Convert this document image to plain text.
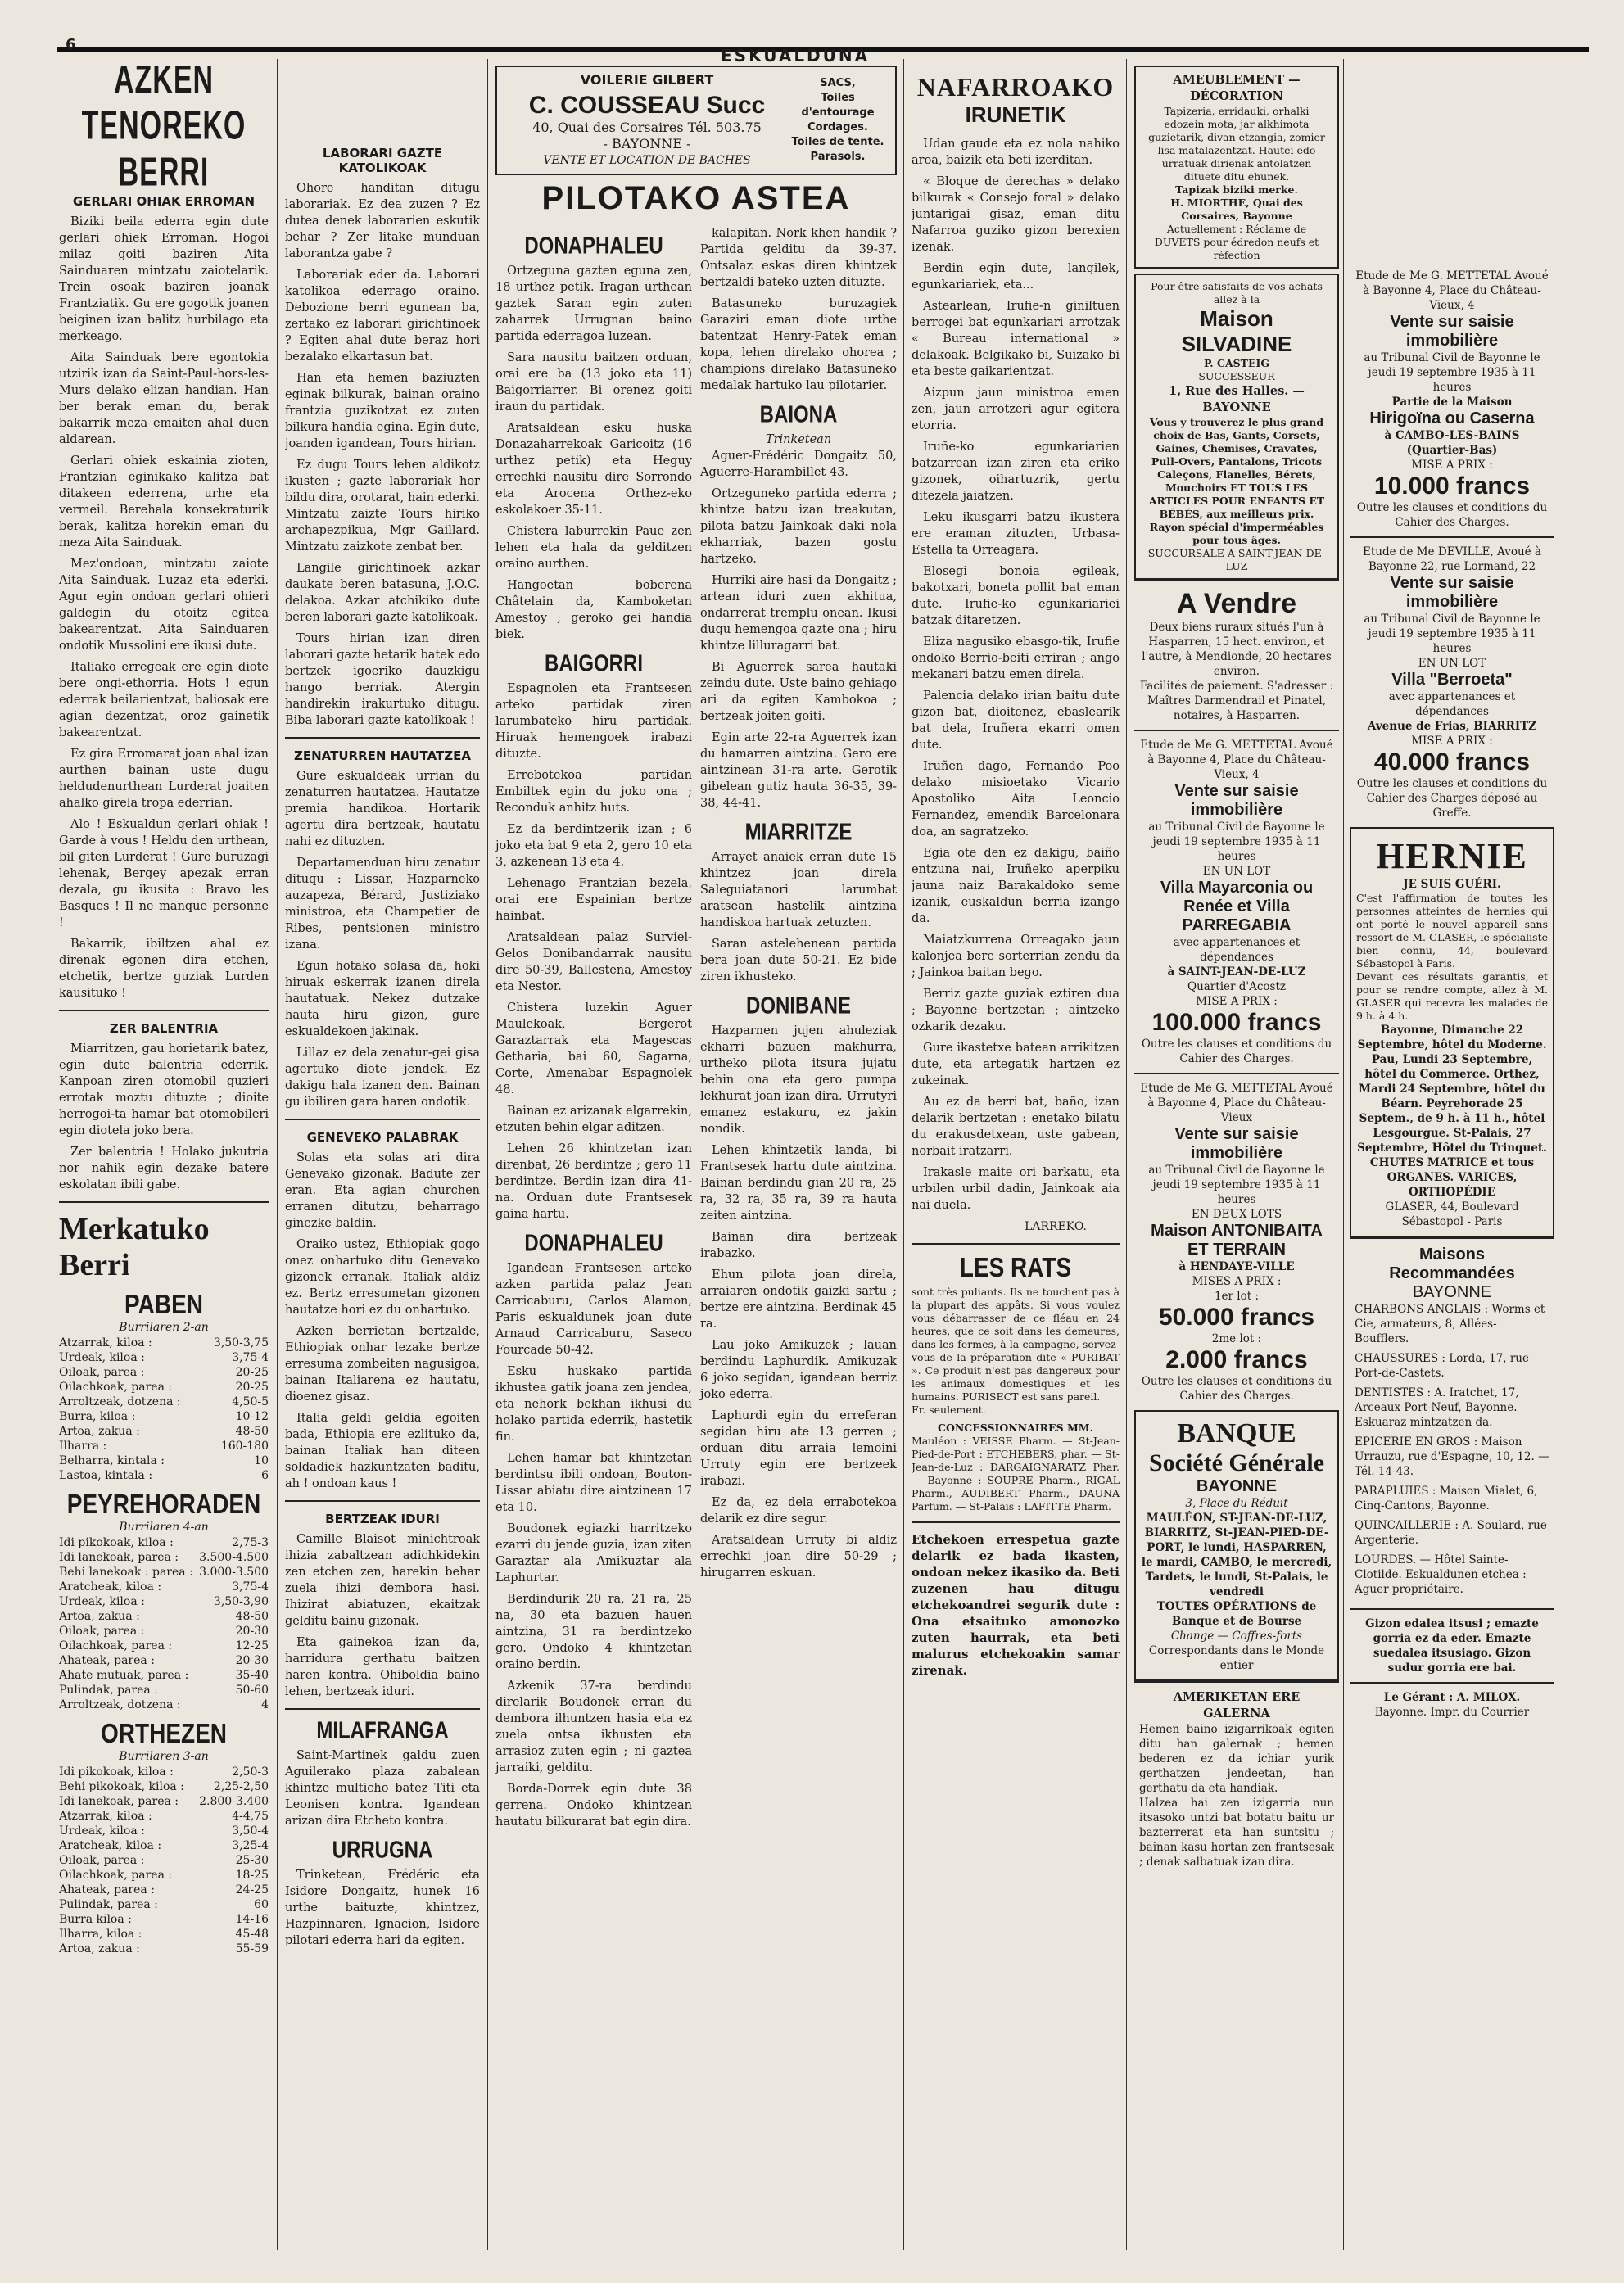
6
ESKUALDUNA
AZKEN TENOREKO BERRI
GERLARI OHIAK ERROMAN

Biziki beila ederra egin dute gerlari ohiek Erroman. Hogoi milaz goiti baziren Aita Sainduaren mintzatu zaiotelarik. Trein osoak baziren joanak Frantziatik. Gu ere gogotik joanen beiginen izan balitz hurbilago eta merkeago.

Aita Sainduak bere egontokia utzirik izan da Saint-Paul-hors-les-Murs delako elizan handian. Han ber berak eman du, berak bakarrik meza emaiten ahal duen aldarean.

Gerlari ohiek eskainia zioten, Frantzian eginikako kalitza bat ditakeen ederrena, urhe eta vermeil. Berehala konsekraturik berak, kalitza horekin eman du meza Aita Sainduak.

Mez'ondoan, mintzatu zaiote Aita Sainduak. Luzaz eta ederki. Agur egin ondoan gerlari ohieri galdegin du otoitz egitea bakearentzat. Aita Sainduaren ondotik Mussolini ere ikusi dute.

Italiako erregeak ere egin diote bere ongi-ethorria. Hots ! egun ederrak beilarientzat, baliosak ere agian dezentzat, oroz gainetik bakearentzat.

Ez gira Erromarat joan ahal izan aurthen bainan uste dugu heldudenurthean Lurderat joaiten ahalko girela tropa ederrian.

Alo ! Eskualdun gerlari ohiak ! Garde à vous ! Heldu den urthean, bil giten Lurderat ! Gure buruzagi lehenak, Bergey apezak erran dezala, gu ikusita : Bravo les Basques ! Il ne manque personne !

Bakarrik, ibiltzen ahal ez direnak egonen dira etchen, etchetik, bertze guziak Lurden kausituko !

ZER BALENTRIA

Miarritzen, gau horietarik batez, egin dute balentria ederrik. Kanpoan ziren otomobil guzieri errotak moztu dituzte ; dioite herrogoi-ta hamar bat otomobileri egin diotela joko bera.

Zer balentria ! Holako jukutria nor nahik egin dezake batere eskolatan ibili gabe.

Merkatuko Berri
PABEN
Burrilaren 2-an
Atzarrak, kiloa :	3,50-3,75
Urdeak, kiloa :	3,75-4
Oiloak, parea :	20-25
Oilachkoak, parea :	20-25
Arroltzeak, dotzena :	4,50-5
Burra, kiloa :	10-12
Artoa, zakua :	48-50
Ilharra :	160-180
Belharra, kintala :	10
Lastoa, kintala :	6
PEYREHORADEN
Burrilaren 4-an
Idi pikokoak, kiloa :	2,75-3
Idi lanekoak, parea : 3.500-4.500
Behi lanekoak : parea : 3.000-3.500
Aratcheak, kiloa :	3,75-4
Urdeak, kiloa :	3,50-3,90
Artoa, zakua :	48-50
Oiloak, parea :	20-30
Oilachkoak, parea :	12-25
Ahateak, parea :	20-30
Ahate mutuak, parea :	35-40
Pulindak, parea :	50-60
Arroltzeak, dotzena :	4
ORTHEZEN
Burrilaren 3-an
Idi pikokoak, kiloa :	2,50-3
Behi pikokoak, kiloa :	2,25-2,50
Idi lanekoak, parea : 2.800-3.400
Atzarrak, kiloa :	4-4,75
Urdeak, kiloa :	3,50-4
Aratcheak, kiloa :	3,25-4
Oiloak, parea :	25-30
Oilachkoak, parea :	18-25
Ahateak, parea :	24-25
Pulindak, parea :	60
Burra kiloa :	14-16
Ilharra, kiloa :	45-48
Artoa, zakua :	55-59
LABORARI GAZTE KATOLIKOAK

Ohore handitan ditugu laborariak. Ez dea zuzen ? Ez dutea denek laborarien eskutik behar ? Zer litake munduan laborantza gabe ?

Laborariak eder da. Laborari katolikoa ederrago oraino. Debozione berri egunean ba, zertako ez laborari girichtinoek ? Egiten ahal dute beraz hori bezalako elkartasun bat.

Han eta hemen baziuzten eginak bilkurak, bainan oraino frantzia guzikotzat ez zuten bilkura handia egina. Egin dute, joanden igandean, Tours hirian.

Ez dugu Tours lehen aldikotz ikusten ; gazte laborariak hor bildu dira, orotarat, hain ederki. Mintzatu zaizte Tours hiriko archapezpikua, Mgr Gaillard. Mintzatu zaizkote zenbat ber.

Langile girichtinoek azkar daukate beren batasuna, J.O.C. delakoa. Azkar atchikiko dute beren laborari gazte katolikoak.

Tours hirian izan diren laborari gazte hetarik batek edo bertzek igoeriko dauzkigu hango berriak. Atergin handirekin irakurtuko ditugu. Biba laborari gazte katolikoak !

ZENATURREN HAUTATZEA

Gure eskualdeak urrian du zenaturren hautatzea. Hautatze premia handikoa. Hortarik agertu dira bertzeak, hautatu nahi ez dituzten.

Departamenduan hiru zenatur dituqu : Lissar, Hazparneko auzapeza, Bérard, Justiziako ministroa, eta Champetier de Ribes, pentsionen ministro izana.

Egun hotako solasa da, hoki hiruak eskerrak izanen direla hautatuak. Nekez dutzake hauta hiru gizon, gure eskualdekoen jakinak.

Lillaz ez dela zenatur-gei gisa agertuko diote jendek. Ez dakigu hala izanen den. Bainan gu ibiliren gara haren ondotik.

GENEVEKO PALABRAK

Solas eta solas ari dira Genevako gizonak. Badute zer eran. Eta agian churchen erranen ditutzu, beharrago ginezke baldin.

Oraiko ustez, Ethiopiak gogo onez onhartuko ditu Genevako gizonek erranak. Italiak aldiz ez. Bertz erresumetan gizonen hautatze hori ez du onhartuko.

Azken berrietan bertzalde, Ethiopiak onhar lezake bertze erresuma zombeiten nagusigoa, bainan Italiarena ez hautatu, dioenez gisaz.

Italia geldi geldia egoiten bada, Ethiopia ere ezlituko da, bainan Italiak han diteen soldadiek hazkuntzaten baditu, ah ! ondoan kaus !

BERTZEAK IDURI

Camille Blaisot minichtroak ihizia zabaltzean adichkidekin zen etchen zen, harekin behar zuela ihizi dembora hasi. Ihizirat abiatuzen, ekaitzak gelditu bainu gizonak.

Eta gainekoa izan da, harridura gerthatu baitzen haren kontra. Ohiboldia baino lehen, bertzeak iduri.

MILAFRANGA

Saint-Martinek galdu zuen Aguilerako plaza zabalean khintze multicho batez Titi eta Leonisen kontra. Igandean arizan dira Etcheto kontra.

URRUGNA

Trinketean, Frédéric eta Isidore Dongaitz, hunek 16 urthe baituzte, khintzez, Hazpinnaren, Ignacion, Isidore pilotari ederra hari da egiten.

VOILERIE GILBERT
C. COUSSEAU Succ
40, Quai des Corsaires Tél. 503.75
- BAYONNE -
VENTE ET LOCATION DE BACHES
SACS,
Toiles d'entourage
Cordages.
Toiles de tente.
Parasols.
PILOTAKO ASTEA
DONAPHALEU

Ortzeguna gazten eguna zen, 18 urthez petik. Iragan urthean gaztek Saran egin zuten zaharrek Urrugnan baino partida ederragoa luzean.

Sara nausitu baitzen orduan, orai ere ba (13 joko eta 11) Baigorriarrer. Bi orenez goiti iraun du partidak.

Aratsaldean esku huska Donazaharrekoak Garicoitz (16 urthez petik) eta Heguy errechki nausitu dire Sorrondo eta Arocena Orthez-eko eskolakoer 35-11.

Chistera laburrekin Paue zen lehen eta hala da gelditzen oraino aurthen.

Hangoetan boberena Châtelain da, Kamboketan Amestoy ; geroko gei handia biek.

BAIGORRI

Espagnolen eta Frantsesen arteko partidak ziren larumbateko hiru partidak. Hiruak hemengoek irabazi dituzte.

Errebotekoa partidan Embiltek egin du joko ona ; Reconduk anhitz huts.

Ez da berdintzerik izan ; 6 joko eta bat 9 eta 2, gero 10 eta 3, azkenean 13 eta 4.

Lehenago Frantzian bezela, orai ere Espainian bertze hainbat.

Aratsaldean palaz Surviel-Gelos Donibandarrak nausitu dire 50-39, Ballestena, Amestoy eta Nestor.

Chistera luzekin Aguer Maulekoak, Bergerot Garaztarrak eta Magescas Getharia, bai 60, Sagarna, Corte, Amenabar Espagnolek 48.

Bainan ez arizanak elgarrekin, etzuten behin elgar aditzen.

Lehen 26 khintzetan izan direnbat, 26 berdintze ; gero 11 berdintze. Berdin izan dira 41-na. Orduan dute Frantsesek gaina hartu.

DONAPHALEU

Igandean Frantsesen arteko azken partida palaz Jean Carricaburu, Carlos Alamon, Paris eskualdunek joan dute Arnaud Carricaburu, Saseco Fourcade 50-42.

Esku huskako partida ikhustea gatik joana zen jendea, eta nehork bekhan ikhusi du holako partida ederrik, hastetik fin.

Lehen hamar bat khintzetan berdintsu ibili ondoan, Bouton-Lissar abiatu dire aintzinean 17 eta 10.

Boudonek egiazki harritzeko ezarri du jende guzia, izan ziten Garaztar ala Amikuztar ala Laphurtar.

Berdindurik 20 ra, 21 ra, 25 na, 30 eta bazuen hauen aintzina, 31 ra berdintzeko gero. Ondoko 4 khintzetan oraino berdin.

Azkenik 37-ra berdindu direlarik Boudonek erran du dembora ilhuntzen hasia eta ez zuela ontsa ikhusten eta arrasioz zuten egin ; ni gaztea jarraiki, gelditu.

Borda-Dorrek egin dute 38 gerrena. Ondoko khintzean hautatu bilkurarat bat egin dira.

kalapitan. Nork khen handik ? Partida gelditu da 39-37. Ontsalaz eskas diren khintzek bertzaldi bateko uzten dituzte.

Batasuneko buruzagiek Garaziri eman diote urthe batentzat Henry-Patek eman kopa, lehen direlako ohorea ; champions direlako Batasuneko medalak hartuko lau pilotarier.

BAIONA
Trinketean

Aguer-Frédéric Dongaitz 50, Aguerre-Harambillet 43.

Ortzeguneko partida ederra ; khintze batzu izan treakutan, pilota batzu Jainkoak daki nola ekharriak, bazen gostu hartzeko.

Hurriki aire hasi da Dongaitz ; artean iduri zuen akhitua, ondarrerat tremplu onean. Ikusi dugu hemengoa gazte ona ; hiru khintze lilluragarri bat.

Bi Aguerrek sarea hautaki zeindu dute. Uste baino gehiago ari da egiten Kambokoa ; bertzeak joiten goiti.

Egin arte 22-ra Aguerrek izan du hamarren aintzina. Gero ere aintzinean 31-ra arte. Gerotik gibelean gutiz hauta 36-35, 39-38, 44-41.

MIARRITZE

Arrayet anaiek erran dute 15 khintzez joan direla Saleguiatanori larumbat aratsean hastelik aintzina handiskoa hartuak zetuzten.

Saran astelehenean partida bera joan dute 50-21. Ez bide ziren ikhusteko.

DONIBANE

Hazparnen jujen ahuleziak ekharri bazuen makhurra, urtheko pilota itsura jujatu behin ona eta gero pumpa lekhurat joan izan dira. Urrutyri emanez estakuru, ez jakin nondik.

Lehen khintzetik landa, bi Frantsesek hartu dute aintzina. Bainan berdindu gian 20 ra, 25 ra, 32 ra, 35 ra, 39 ra hauta zeiten aintzina.

Bainan dira bertzeak irabazko.

Ehun pilota joan direla, arraiaren ondotik gaizki sartu ; bertze ere aintzina. Berdinak 45 ra.

Lau joko Amikuzek ; lauan berdindu Laphurdik. Amikuzak 6 joko segidan, igandean berriz joko ederra.

Laphurdi egin du erreferan segidan hiru ate 13 gerren ; orduan ditu arraia lemoini Urruty egin ere bertzeek irabazi.

Ez da, ez dela errabotekoa delarik ez dire segur.

Aratsaldean Urruty bi aldiz errechki joan dire 50-29 ; hirugarren eskuan.

NAFARROAKO
IRUNETIK

Udan gaude eta ez nola nahiko aroa, baizik eta beti izerditan.

« Bloque de derechas » delako bilkurak « Consejo foral » delako juntarigai gisaz, eman ditu Nafarroa guziko gizon berexien izenak.

Berdin egin dute, langilek, egunkariariek, eta...

Astearlean, Irufie-n giniltuen berrogei bat egunkariari arrotzak « Bureau international » delakoak. Belgikako bi, Suizako bi eta beste gaikarientzat.

Aizpun jaun ministroa emen zen, jaun arrotzeri agur egitera etorria.

Iruñe-ko egunkariarien batzarrean izan ziren eta eriko gizonek, oihartuzrik, gertu ditezela jaiatzen.

Leku ikusgarri batzu ikustera ere eraman zituzten, Urbasa-Estella ta Orreagara.

Elosegi bonoia egileak, bakotxari, boneta pollit bat eman dute. Irufie-ko egunkariariei batzak ditaretzen.

Eliza nagusiko ebasgo-tik, Irufie ondoko Berrio-beiti erriran ; ango mekanari batzu emen direla.

Palencia delako irian baitu dute gizon bat, dioitenez, ebaslearik bat dela, Iruñera ekarri omen dute.

Iruñen dago, Fernando Poo delako misioetako Vicario Apostoliko Aita Leoncio Fernandez, emendik Barcelonara doa, an sagratzeko.

Egia ote den ez dakigu, baiño entzuna nai, Iruñeko aperpiku jauna naiz Barakaldoko seme izanik, euskaldun berria izango da.

Maiatzkurrena Orreagako jaun kalonjea bere sorterrian zendu da ; Jainkoa baitan bego.

Berriz gazte guziak eztiren dua ; Bayonne bertzetan ; aintzeko ozkarik dezaku.

Gure ikastetxe batean arrikitzen dute, eta artegatik hartzen ez zukeinak.

Au ez da berri bat, baño, izan delarik bertzetan : enetako bilatu du erakusdetxean, uste gabean, norbait iratzarri.

Irakasle maite ori barkatu, eta urbilen urbil dadin, Jainkoak aia nai duela.

LARREKO.
LES RATS
sont très puliants. Ils ne touchent pas à la plupart des appâts. Si vous voulez vous débarrasser de ce fléau en 24 heures, que ce soit dans les demeures, dans les fermes, à la campagne, servez-vous de la préparation dite « PURIBAT ». Ce produit n'est pas dangereux pour les animaux domestiques et les humains. PURISECT est sans pareil.
Fr. seulement.
CONCESSIONNAIRES MM.
Mauléon : VEISSE Pharm. — St-Jean-Pied-de-Port : ETCHEBERS, phar. — St-Jean-de-Luz : DARGAIGNARATZ Phar. — Bayonne : SOUPRE Pharm., RIGAL Pharm., AUDIBERT Pharm., DAUNA Parfum. — St-Palais : LAFITTE Pharm.
Etchekoen errespetua gazte delarik ez bada ikasten, ondoan nekez ikasiko da. Beti zuzenen hau ditugu etchekoandrei segurik dute : Ona etsaituko amonozko zuten haurrak, eta beti malurus etchekoakin samar zirenak.
AMEUBLEMENT — DÉCORATION
Tapizeria, erridauki, orhalki edozein mota, jar alkhimota guzietarik, divan etzangia, zomier lisa matalazentzat. Hautei edo urratuak dirienak antolatzen dituete ditu ehunek.
Tapizak biziki merke.
H. MIORTHE, Quai des Corsaires, Bayonne
Actuellement : Réclame de DUVETS pour édredon neufs et réfection
Pour être satisfaits de vos achats allez à la
Maison SILVADINE
P. CASTEIG
SUCCESSEUR
1, Rue des Halles. — BAYONNE
Vous y trouverez le plus grand choix de Bas, Gants, Corsets, Gaines, Chemises, Cravates, Pull-Overs, Pantalons, Tricots Caleçons, Flanelles, Bérets, Mouchoirs ET TOUS LES ARTICLES POUR ENFANTS ET BÉBÉS, aux meilleurs prix.
Rayon spécial d'imperméables pour tous âges.
SUCCURSALE A SAINT-JEAN-DE-LUZ
A Vendre
Deux biens ruraux situés l'un à Hasparren, 15 hect. environ, et l'autre, à Mendionde, 20 hectares environ.
Facilités de paiement. S'adresser : Maîtres Darmendrail et Pinatel, notaires, à Hasparren.
Etude de Me G. METTETAL Avoué à Bayonne 4, Place du Château-Vieux, 4
Vente sur saisie immobilière
au Tribunal Civil de Bayonne le jeudi 19 septembre 1935 à 11 heures
EN UN LOT
Villa Mayarconia ou Renée et Villa PARREGABIA
avec appartenances et dépendances
à SAINT-JEAN-DE-LUZ
Quartier d'Acostz
MISE A PRIX :
100.000 francs
Outre les clauses et conditions du Cahier des Charges.
Etude de Me G. METTETAL Avoué à Bayonne 4, Place du Château-Vieux
Vente sur saisie immobilière
au Tribunal Civil de Bayonne le jeudi 19 septembre 1935 à 11 heures
EN DEUX LOTS
Maison ANTONIBAITA ET TERRAIN
à HENDAYE-VILLE
MISES A PRIX :
1er lot :
50.000 francs
2me lot :
2.000 francs
Outre les clauses et conditions du Cahier des Charges.
BANQUE
Société Générale
BAYONNE
3, Place du Réduit
MAULÉON, ST-JEAN-DE-LUZ, BIARRITZ, St-JEAN-PIED-DE-PORT, le lundi, HASPARREN, le mardi, CAMBO, le mercredi, Tardets, le lundi, St-Palais, le vendredi
TOUTES OPÉRATIONS de Banque et de Bourse
Change — Coffres-forts
Correspondants dans le Monde entier
AMERIKETAN ERE GALERNA
Hemen baino izigarrikoak egiten ditu han galernak ; hemen bederen ez da ichiar yurik gerthatzen jendeetan, han gerthatu da eta handiak.
Halzea hai zen izigarria nun itsasoko untzi bat botatu baitu ur bazterrerat eta han suntsitu ; bainan kasu hortan zen frantsesak ; denak salbatuak izan dira.
Etude de Me G. METTETAL Avoué à Bayonne 4, Place du Château-Vieux, 4
Vente sur saisie immobilière
au Tribunal Civil de Bayonne le jeudi 19 septembre 1935 à 11 heures
Partie de la Maison
Hirigoïna ou Caserna
à CAMBO-LES-BAINS (Quartier-Bas)
MISE A PRIX :
10.000 francs
Outre les clauses et conditions du Cahier des Charges.
Etude de Me DEVILLE, Avoué à Bayonne 22, rue Lormand, 22
Vente sur saisie immobilière
au Tribunal Civil de Bayonne le jeudi 19 septembre 1935 à 11 heures
EN UN LOT
Villa "Berroeta"
avec appartenances et dépendances
Avenue de Frias, BIARRITZ
MISE A PRIX :
40.000 francs
Outre les clauses et conditions du Cahier des Charges déposé au Greffe.
HERNIE
JE SUIS GUÉRI.
C'est l'affirmation de toutes les personnes atteintes de hernies qui ont porté le nouvel appareil sans ressort de M. GLASER, le spécialiste bien connu, 44, boulevard Sébastopol à Paris.
Devant ces résultats garantis, et pour se rendre compte, allez à M. GLASER qui recevra les malades de 9 h. à 4 h.
Bayonne, Dimanche 22 Septembre, hôtel du Moderne. Pau, Lundi 23 Septembre, hôtel du Commerce. Orthez, Mardi 24 Septembre, hôtel du Béarn. Peyrehorade 25 Septem., de 9 h. à 11 h., hôtel Lesgourgue. St-Palais, 27 Septembre, Hôtel du Trinquet.
CHUTES MATRICE et tous ORGANES. VARICES, ORTHOPÉDIE
GLASER, 44, Boulevard Sébastopol - Paris
Maisons Recommandées
BAYONNE

CHARBONS ANGLAIS : Worms et Cie, armateurs, 8, Allées-Boufflers.

CHAUSSURES : Lorda, 17, rue Port-de-Castets.

DENTISTES : A. Iratchet, 17, Arceaux Port-Neuf, Bayonne. Eskuaraz mintzatzen da.

EPICERIE EN GROS : Maison Urrauzu, rue d'Espagne, 10, 12. — Tél. 14-43.

PARAPLUIES : Maison Mialet, 6, Cinq-Cantons, Bayonne.

QUINCAILLERIE : A. Soulard, rue Argenterie.

LOURDES. — Hôtel Sainte-Clotilde. Eskualdunen etchea : Aguer propriétaire.

Gizon edalea itsusi ; emazte gorria ez da eder. Emazte suedalea itsusiago. Gizon sudur gorria ere bai.
Le Gérant : A. MILOX.
Bayonne. Impr. du Courrier
